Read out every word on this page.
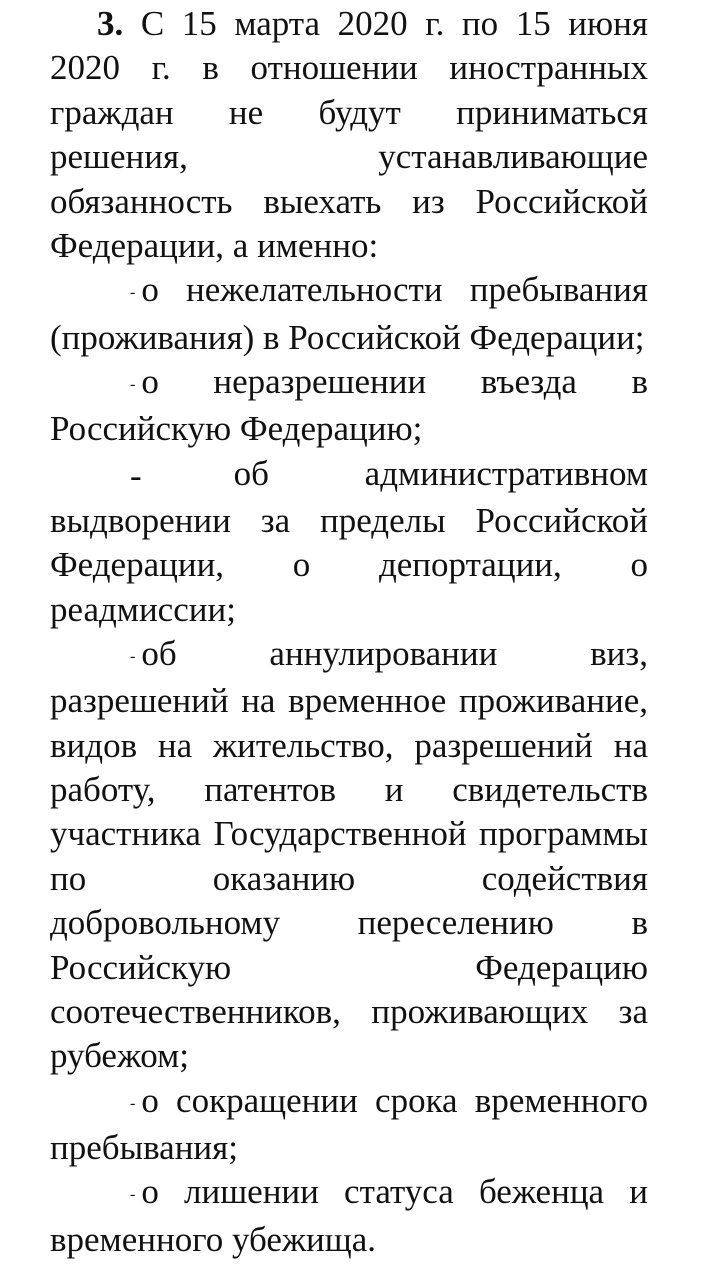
3. С 15 марта 2020 г. по 15 июня 2020 г. в отношении иностранных граждан не будут приниматься решения, устанавливающие обязанность выехать из Российской Федерации, а именно:

- о нежелательности пребывания (проживания) в Российской Федерации;

- о неразрешении въезда в Российскую Федерацию;

-	об административном выдворении за пределы Российской Федерации, о депортации, о реадмиссии;

- об аннулировании виз, разрешений на временное проживание, видов на жительство, разрешений на работу, патентов и свидетельств участника Государственной программы по оказанию содействия добровольному переселению в Российскую Федерацию соотечественников, проживающих за рубежом;

- о сокращении срока временного пребывания;

- о лишении статуса беженца и временного убежища.
